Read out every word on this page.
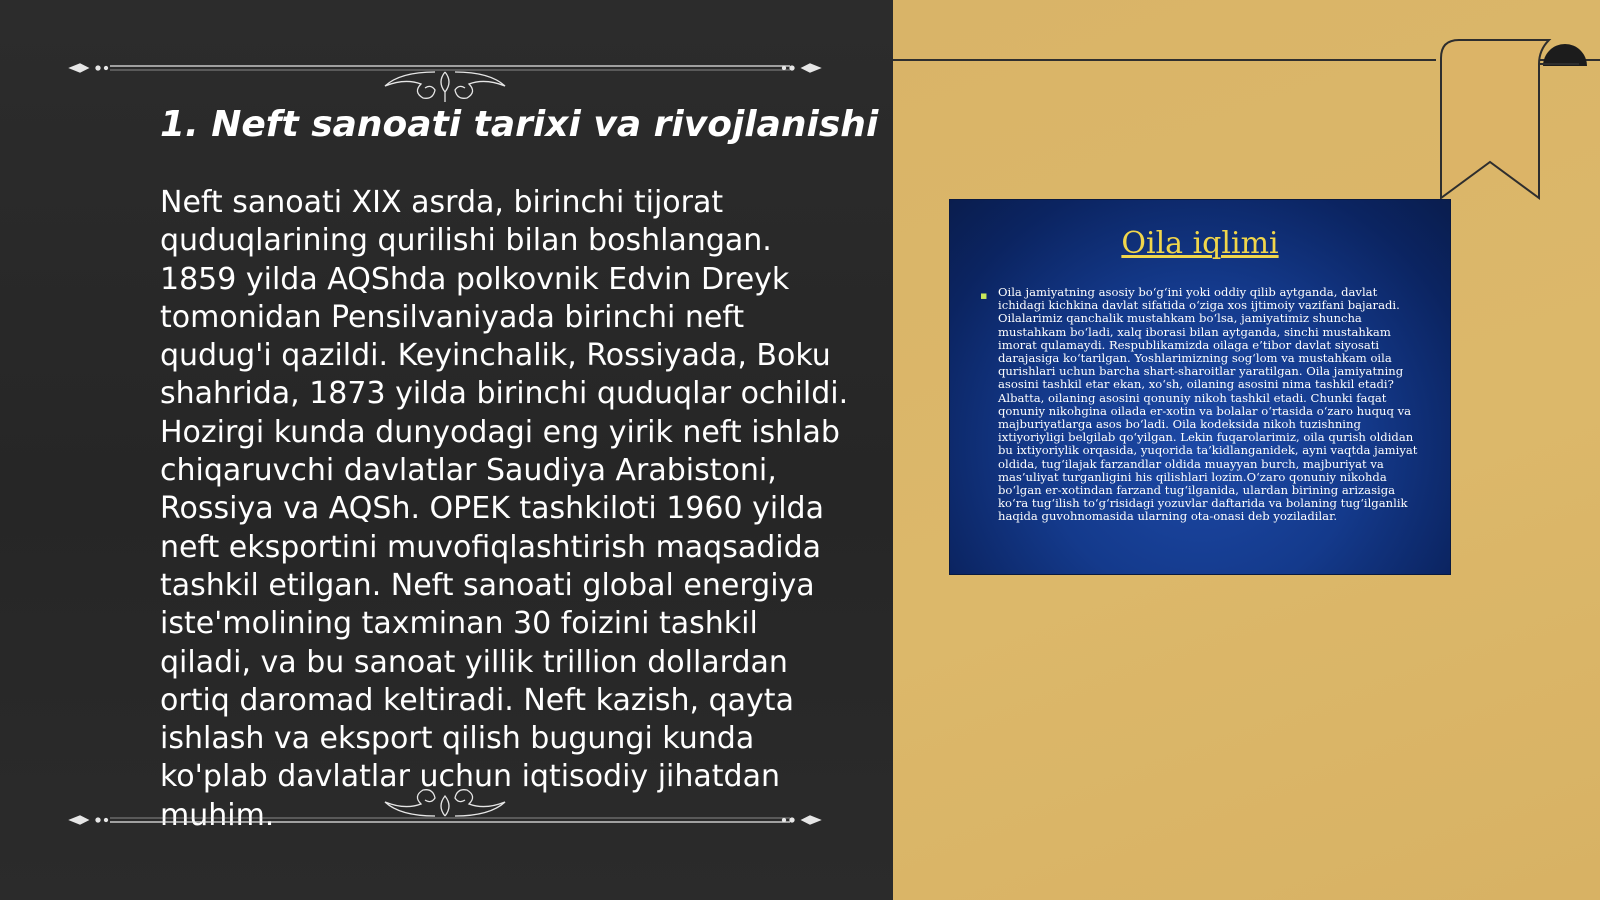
1. Neft sanoati tarixi va rivojlanishi

Neft sanoati XIX asrda, birinchi tijorat quduqlarining qurilishi bilan boshlangan. 1859 yilda AQShda polkovnik Edvin Dreyk tomonidan Pensilvaniyada birinchi neft qudug'i qazildi. Keyinchalik, Rossiyada, Boku shahrida, 1873 yilda birinchi quduqlar ochildi. Hozirgi kunda dunyodagi eng yirik neft ishlab chiqaruvchi davlatlar Saudiya Arabistoni, Rossiya va AQSh. OPEK tashkiloti 1960 yilda neft eksportini muvofiqlashtirish maqsadida tashkil etilgan. Neft sanoati global energiya iste'molining taxminan 30 foizini tashkil qiladi, va bu sanoat yillik trillion dollardan ortiq daromad keltiradi. Neft kazish, qayta ishlash va eksport qilish bugungi kunda ko'plab davlatlar uchun iqtisodiy jihatdan muhim.

Oila iqlimi
▪ Oila jamiyatning asosiy bo‘g‘ini yoki oddiy qilib aytganda, davlat ichidagi kichkina davlat sifatida o‘ziga xos ijtimoiy vazifani bajaradi. Oilalarimiz qanchalik mustahkam bo‘lsa, jamiyatimiz shuncha mustahkam bo‘ladi, xalq iborasi bilan aytganda, sinchi mustahkam imorat qulamaydi. Respublikamizda oilaga e’tibor davlat siyosati darajasiga ko‘tarilgan. Yoshlarimizning sog‘lom va mustahkam oila qurishlari uchun barcha shart-sharoitlar yaratilgan. Oila jamiyatning asosini tashkil etar ekan, xo‘sh, oilaning asosini nima tashkil etadi? Albatta, oilaning asosini qonuniy nikoh tashkil etadi. Chunki faqat qonuniy nikohgina oilada er-xotin va bolalar o‘rtasida o‘zaro huquq va majburiyatlarga asos bo‘ladi. Oila kodeksida nikoh tuzishning ixtiyoriyligi belgilab qo‘yilgan. Lekin fuqarolarimiz, oila qurish oldidan bu ixtiyoriylik orqasida, yuqorida ta’kidlanganidek, ayni vaqtda jamiyat oldida, tug‘ilajak farzandlar oldida muayyan burch, majburiyat va mas’uliyat turganligini his qilishlari lozim.O‘zaro qonuniy nikohda bo‘lgan er-xotindan farzand tug‘ilganida, ulardan birining arizasiga ko‘ra tug‘ilish to‘g‘risidagi yozuvlar daftarida va bolaning tug‘ilganlik haqida guvohnomasida ularning ota-onasi deb yoziladilar.
